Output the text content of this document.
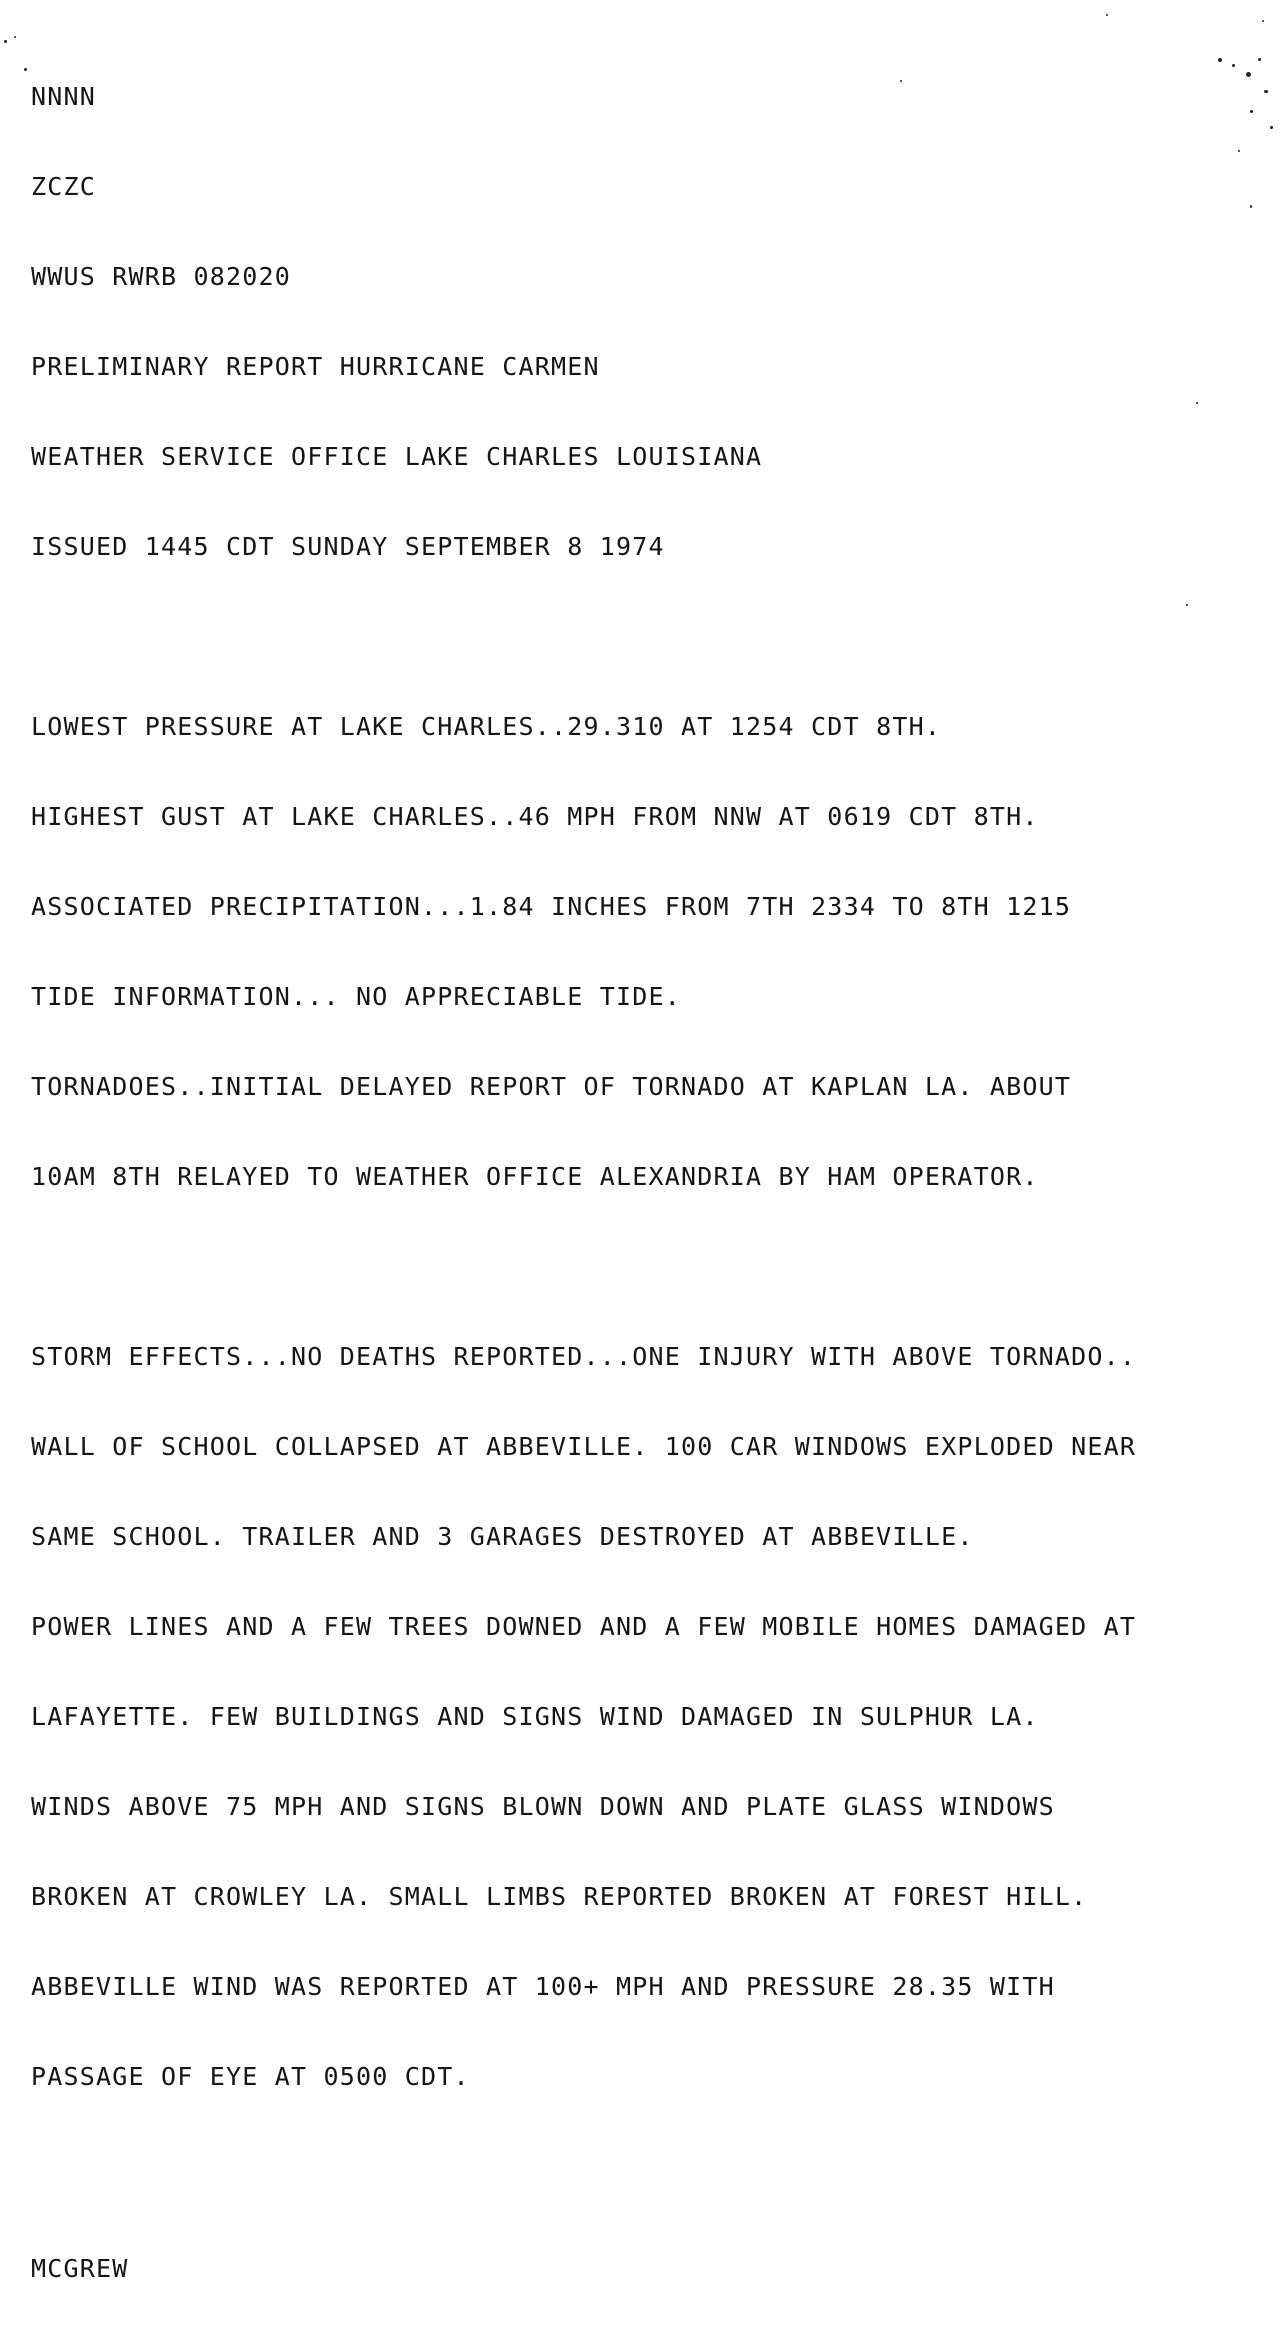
NNNN

ZCZC

WWUS RWRB 082020

PRELIMINARY REPORT HURRICANE CARMEN

WEATHER SERVICE OFFICE LAKE CHARLES LOUISIANA

ISSUED 1445 CDT SUNDAY SEPTEMBER 8 1974

LOWEST PRESSURE AT LAKE CHARLES..29.310 AT 1254 CDT 8TH.

HIGHEST GUST AT LAKE CHARLES..46 MPH FROM NNW AT 0619 CDT 8TH.

ASSOCIATED PRECIPITATION...1.84 INCHES FROM 7TH 2334 TO 8TH 1215

TIDE INFORMATION... NO APPRECIABLE TIDE.

TORNADOES..INITIAL DELAYED REPORT OF TORNADO AT KAPLAN LA. ABOUT

10AM 8TH RELAYED TO WEATHER OFFICE ALEXANDRIA BY HAM OPERATOR.

STORM EFFECTS...NO DEATHS REPORTED...ONE INJURY WITH ABOVE TORNADO..

WALL OF SCHOOL COLLAPSED AT ABBEVILLE. 100 CAR WINDOWS EXPLODED NEAR

SAME SCHOOL. TRAILER AND 3 GARAGES DESTROYED AT ABBEVILLE.

POWER LINES AND A FEW TREES DOWNED AND A FEW MOBILE HOMES DAMAGED AT

LAFAYETTE. FEW BUILDINGS AND SIGNS WIND DAMAGED IN SULPHUR LA.

WINDS ABOVE 75 MPH AND SIGNS BLOWN DOWN AND PLATE GLASS WINDOWS

BROKEN AT CROWLEY LA. SMALL LIMBS REPORTED BROKEN AT FOREST HILL.

ABBEVILLE WIND WAS REPORTED AT 100+ MPH AND PRESSURE 28.35 WITH

PASSAGE OF EYE AT 0500 CDT.

MCGREW
